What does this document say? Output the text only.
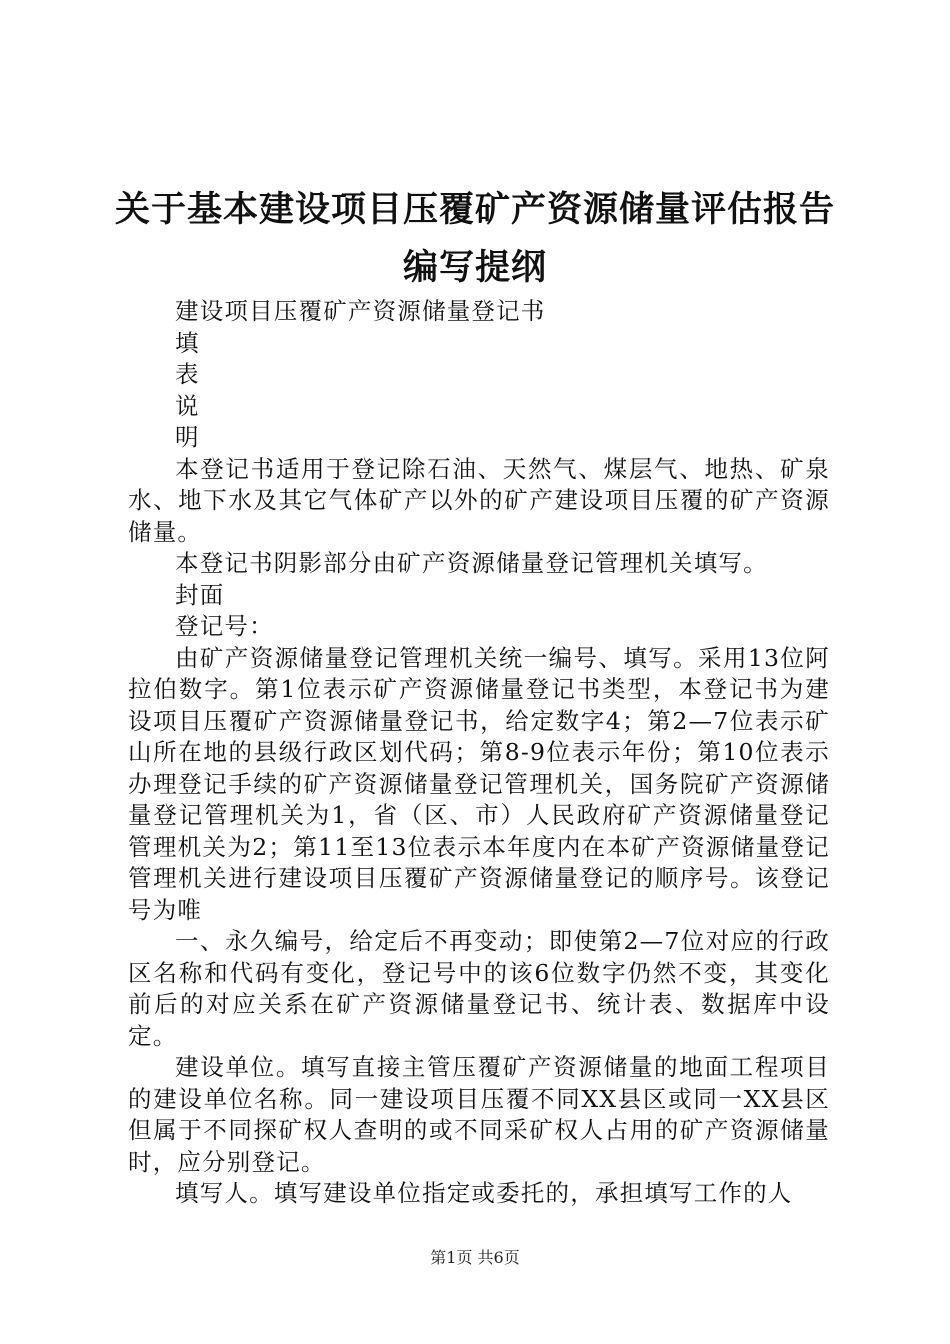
关于基本建设项目压覆矿产资源储量评估报告
编写提纲

建设项目压覆矿产资源储量登记书

填

表

说

明

本登记书适用于登记除石油、天然气、煤层气、地热、矿泉水、地下水及其它气体矿产以外的矿产建设项目压覆的矿产资源储量。

本登记书阴影部分由矿产资源储量登记管理机关填写。

封面

登记号：

由矿产资源储量登记管理机关统一编号、填写。采用13位阿拉伯数字。第1位表示矿产资源储量登记书类型，本登记书为建设项目压覆矿产资源储量登记书，给定数字4；第2—7位表示矿山所在地的县级行政区划代码；第8-9位表示年份；第10位表示办理登记手续的矿产资源储量登记管理机关，国务院矿产资源储量登记管理机关为1，省（区、市）人民政府矿产资源储量登记管理机关为2；第11至13位表示本年度内在本矿产资源储量登记管理机关进行建设项目压覆矿产资源储量登记的顺序号。该登记号为唯

一、永久编号，给定后不再变动；即使第2—7位对应的行政区名称和代码有变化，登记号中的该6位数字仍然不变，其变化前后的对应关系在矿产资源储量登记书、统计表、数据库中设定。

建设单位。填写直接主管压覆矿产资源储量的地面工程项目的建设单位名称。同一建设项目压覆不同XX县区或同一XX县区但属于不同探矿权人查明的或不同采矿权人占用的矿产资源储量时，应分别登记。

填写人。填写建设单位指定或委托的，承担填写工作的人

第1页 共6页
